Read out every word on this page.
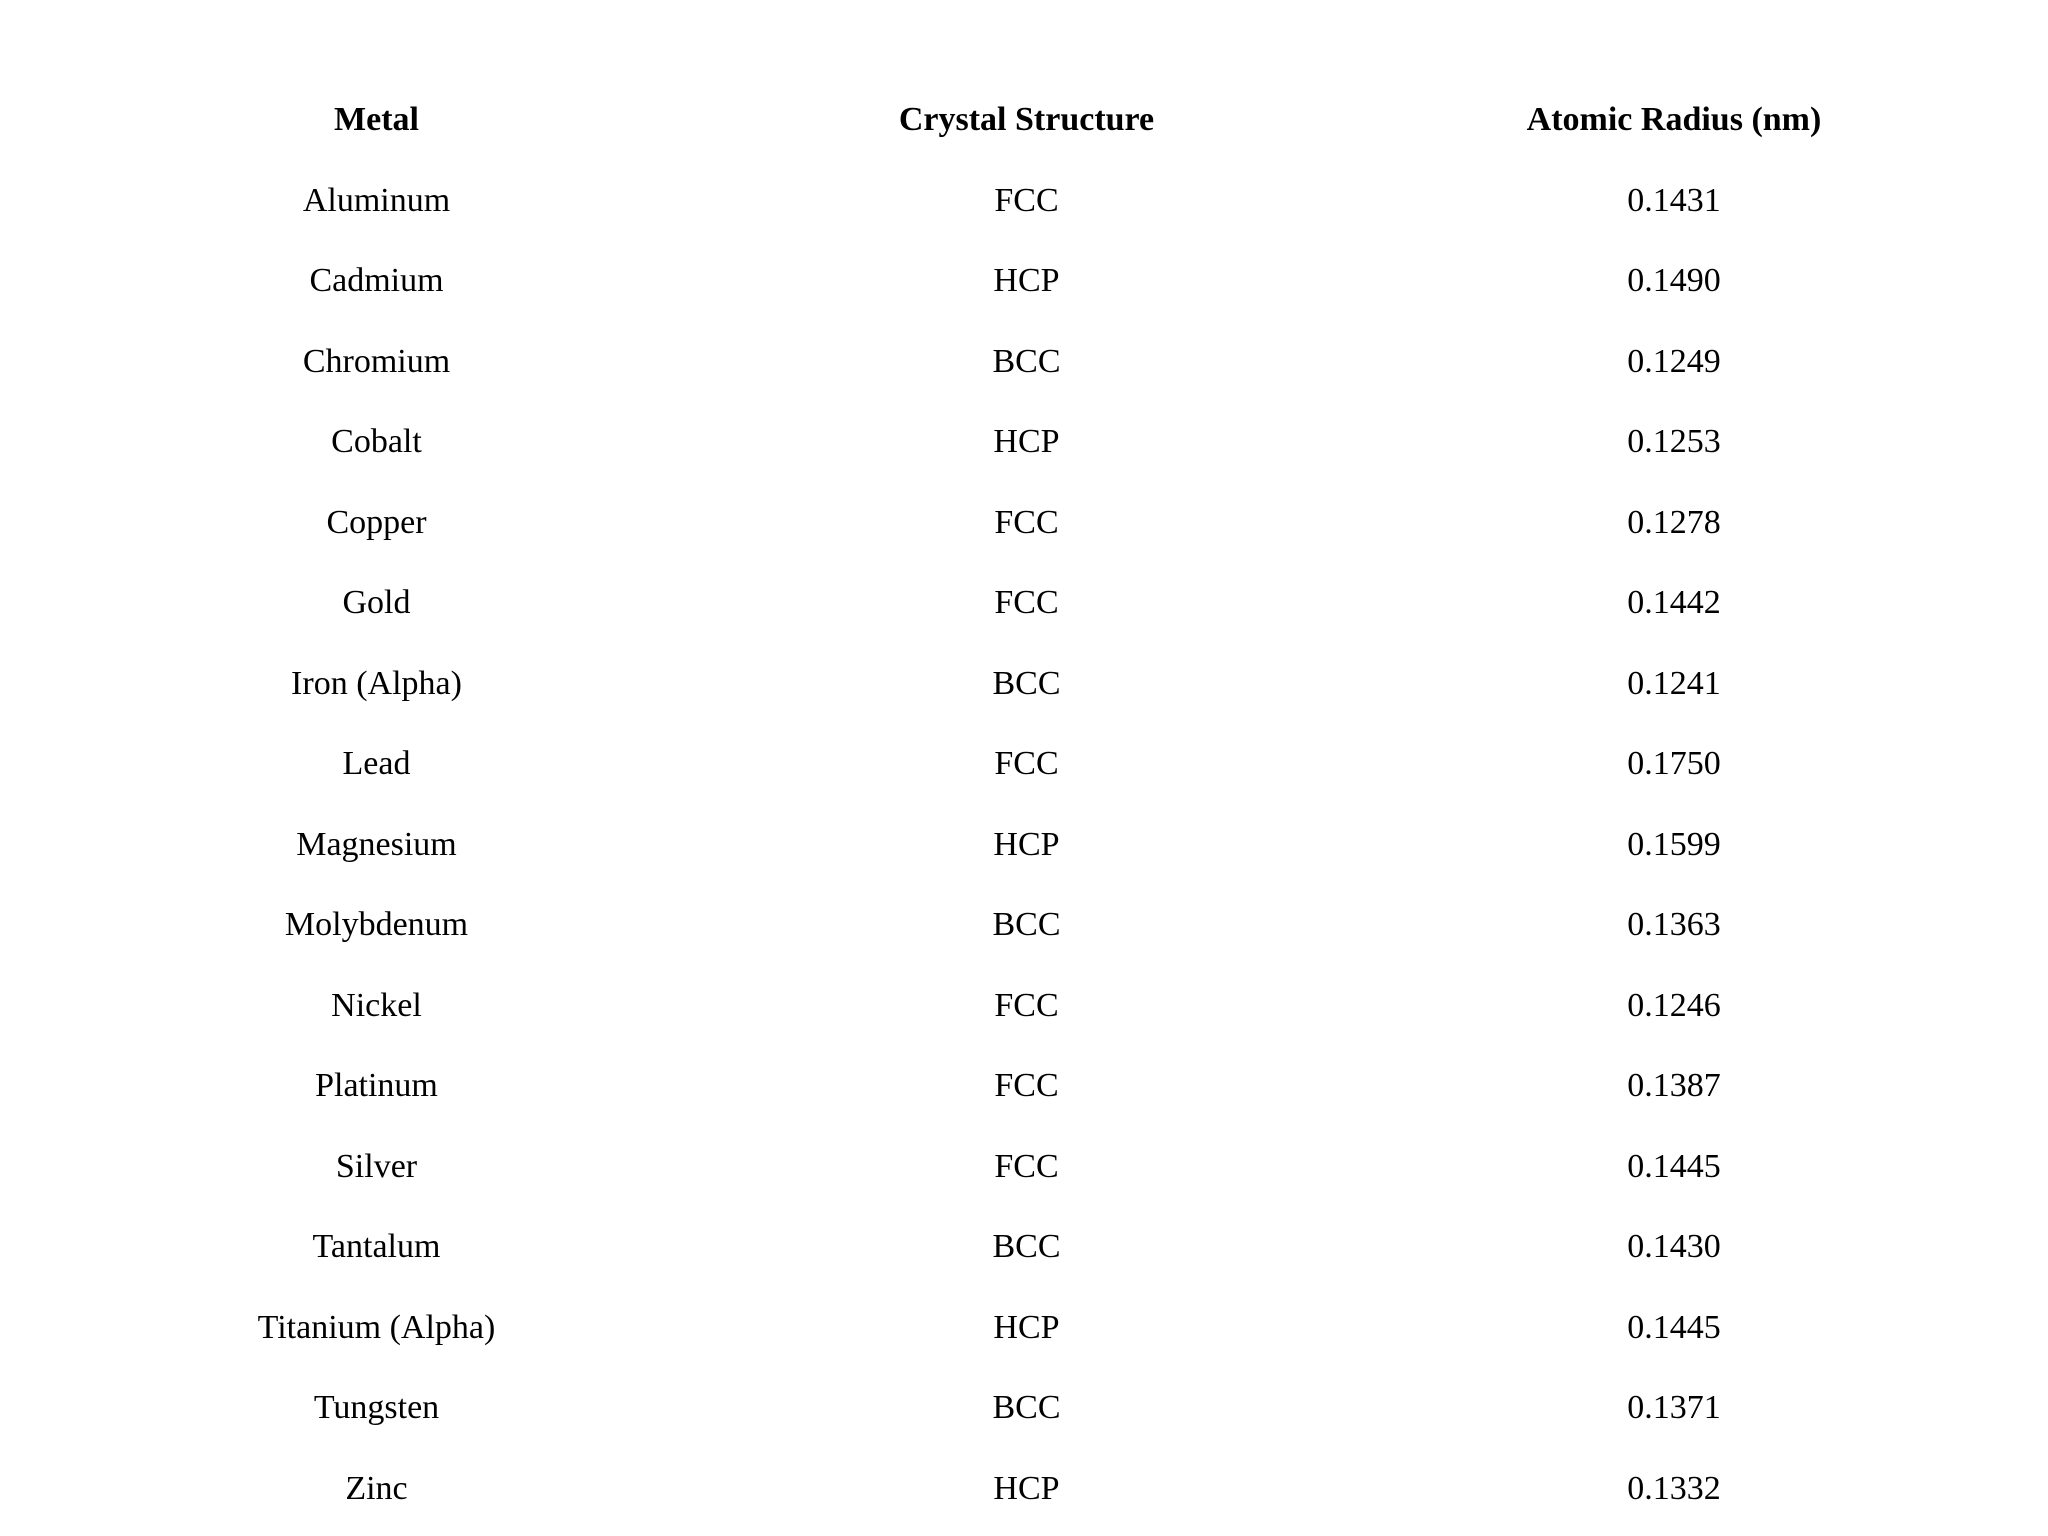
Metal	Crystal Structure	Atomic Radius (nm)
Aluminum	FCC	0.1431
Cadmium	HCP	0.1490
Chromium	BCC	0.1249
Cobalt	HCP	0.1253
Copper	FCC	0.1278
Gold	FCC	0.1442
Iron (Alpha)	BCC	0.1241
Lead	FCC	0.1750
Magnesium	HCP	0.1599
Molybdenum	BCC	0.1363
Nickel	FCC	0.1246
Platinum	FCC	0.1387
Silver	FCC	0.1445
Tantalum	BCC	0.1430
Titanium (Alpha)	HCP	0.1445
Tungsten	BCC	0.1371
Zinc	HCP	0.1332
